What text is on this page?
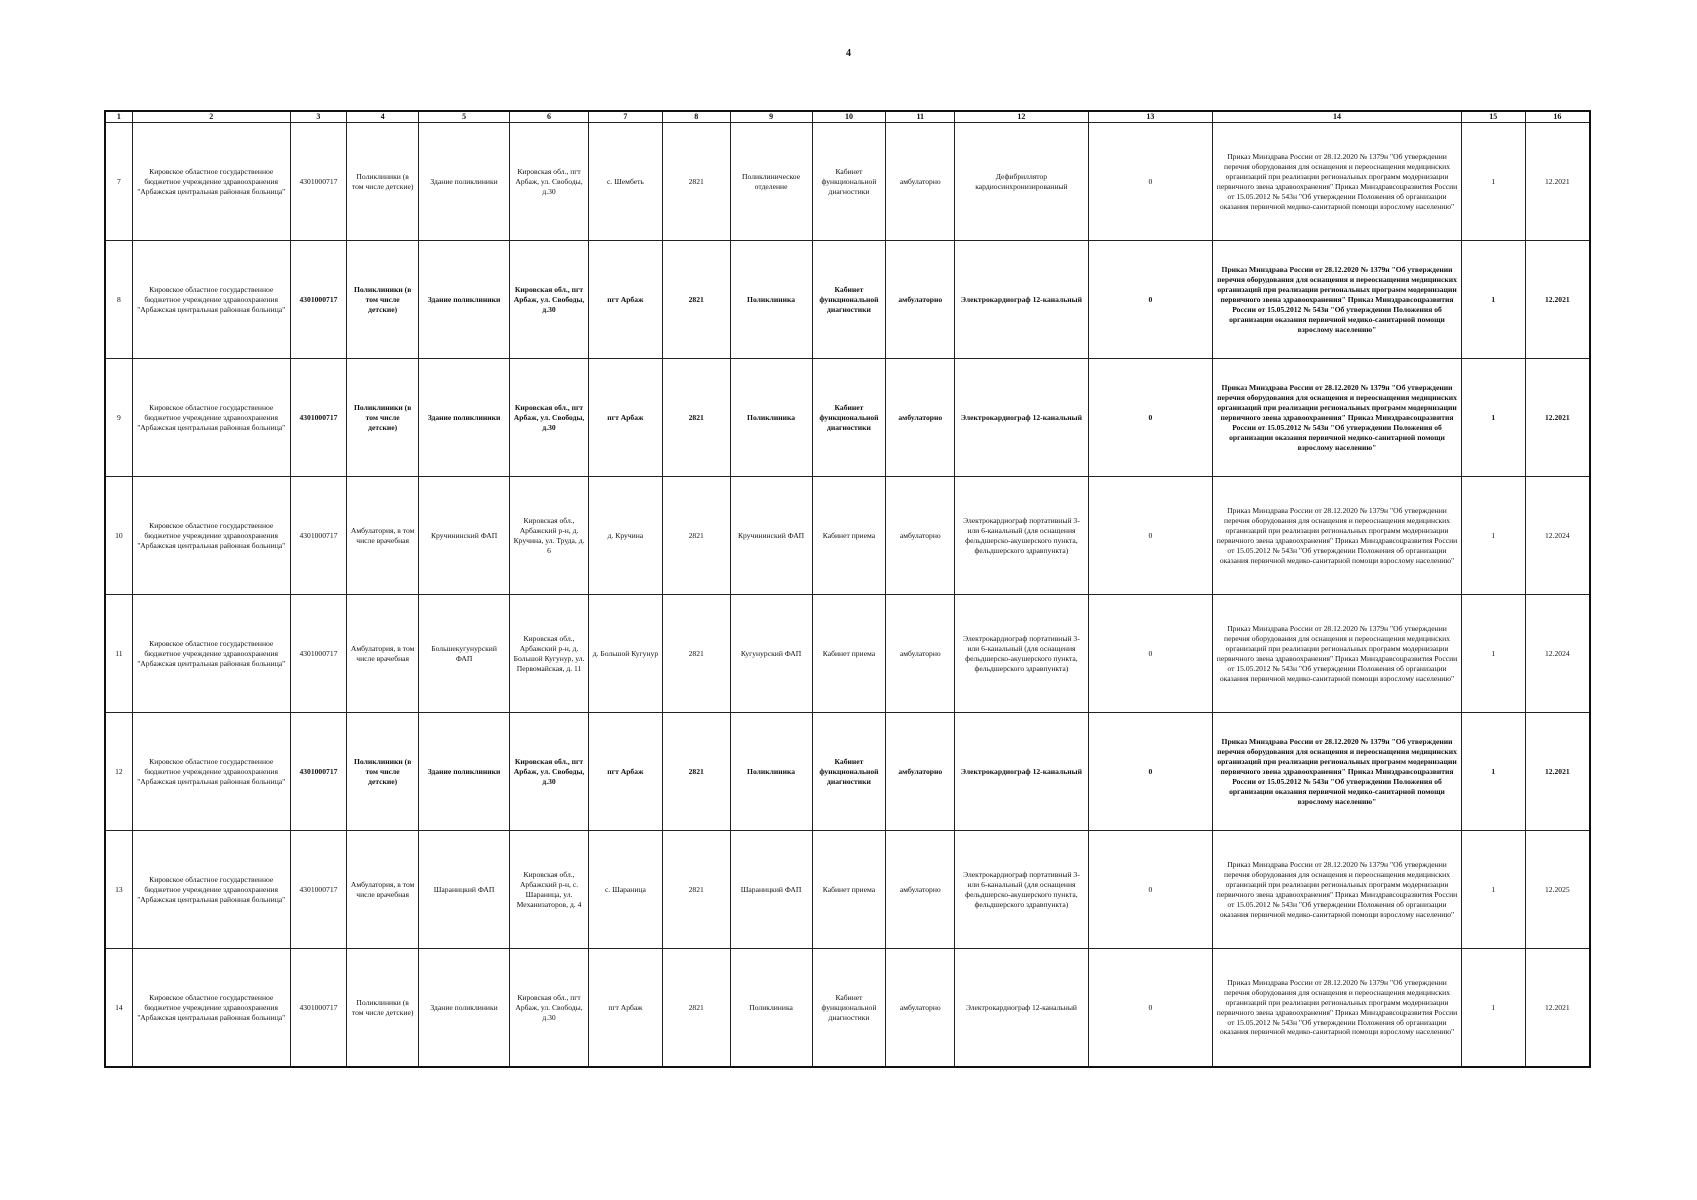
4
1	2	3	4	5	6	7	8	9	10	11	12	13	14	15	16
7	Кировское областное государственное бюджетное учреждение здравоохранения "Арбажская центральная районная больница"	4301000717	Поликлиники (в том числе детские)	Здание поликлиники	Кировская обл., пгт Арбаж, ул. Свободы, д.30	с. Шембеть	2821	Поликлиническое отделение	Кабинет функциональной диагностики	амбулаторно	Дефибриллятор кардиосинхронизированный	0	Приказ Минздрава России от 28.12.2020 № 1379н "Об утверждении перечня оборудования для оснащения и переоснащения медицинских организаций при реализации региональных программ модернизации первичного звена здравоохранения" Приказ Минздравсоцразвития России от 15.05.2012 № 543н "Об утверждении Положения об организации оказания первичной медико-санитарной помощи взрослому населению"	1	12.2021
8	Кировское областное государственное бюджетное учреждение здравоохранения "Арбажская центральная районная больница"	4301000717	Поликлиники (в том числе детские)	Здание поликлиники	Кировская обл., пгт Арбаж, ул. Свободы, д.30	пгт Арбаж	2821	Поликлиника	Кабинет функциональной диагностики	амбулаторно	Электрокардиограф 12-канальный	0	Приказ Минздрава России от 28.12.2020 № 1379н "Об утверждении перечня оборудования для оснащения и переоснащения медицинских организаций при реализации региональных программ модернизации первичного звена здравоохранения" Приказ Минздравсоцразвития России от 15.05.2012 № 543н "Об утверждении Положения об организации оказания первичной медико-санитарной помощи взрослому населению"	1	12.2021
9	Кировское областное государственное бюджетное учреждение здравоохранения "Арбажская центральная районная больница"	4301000717	Поликлиники (в том числе детские)	Здание поликлиники	Кировская обл., пгт Арбаж, ул. Свободы, д.30	пгт Арбаж	2821	Поликлиника	Кабинет функциональной диагностики	амбулаторно	Электрокардиограф 12-канальный	0	Приказ Минздрава России от 28.12.2020 № 1379н "Об утверждении перечня оборудования для оснащения и переоснащения медицинских организаций при реализации региональных программ модернизации первичного звена здравоохранения" Приказ Минздравсоцразвития России от 15.05.2012 № 543н "Об утверждении Положения об организации оказания первичной медико-санитарной помощи взрослому населению"	1	12.2021
10	Кировское областное государственное бюджетное учреждение здравоохранения "Арбажская центральная районная больница"	4301000717	Амбулатория, в том числе врачебная	Кручининский ФАП	Кировская обл., Арбажский р-н, д. Кручина, ул. Труда, д. 6	д. Кручина	2821	Кручининский ФАП	Кабинет приема	амбулаторно	Электрокардиограф портативный 3- или 6-канальный (для оснащения фельдшерско-акушерского пункта, фельдшерского здравпункта)	0	Приказ Минздрава России от 28.12.2020 № 1379н "Об утверждении перечня оборудования для оснащения и переоснащения медицинских организаций при реализации региональных программ модернизации первичного звена здравоохранения" Приказ Минздравсоцразвития России от 15.05.2012 № 543н "Об утверждении Положения об организации оказания первичной медико-санитарной помощи взрослому населению"	1	12.2024
11	Кировское областное государственное бюджетное учреждение здравоохранения "Арбажская центральная районная больница"	4301000717	Амбулатория, в том числе врачебная	Большекугунурский ФАП	Кировская обл., Арбажский р-н, д. Большой Кугунур, ул. Первомайская, д. 11	д. Большой Кугунур	2821	Кугунурский ФАП	Кабинет приема	амбулаторно	Электрокардиограф портативный 3- или 6-канальный (для оснащения фельдшерско-акушерского пункта, фельдшерского здравпункта)	0	Приказ Минздрава России от 28.12.2020 № 1379н "Об утверждении перечня оборудования для оснащения и переоснащения медицинских организаций при реализации региональных программ модернизации первичного звена здравоохранения" Приказ Минздравсоцразвития России от 15.05.2012 № 543н "Об утверждении Положения об организации оказания первичной медико-санитарной помощи взрослому населению"	1	12.2024
12	Кировское областное государственное бюджетное учреждение здравоохранения "Арбажская центральная районная больница"	4301000717	Поликлиники (в том числе детские)	Здание поликлиники	Кировская обл., пгт Арбаж, ул. Свободы, д.30	пгт Арбаж	2821	Поликлиника	Кабинет функциональной диагностики	амбулаторно	Электрокардиограф 12-канальный	0	Приказ Минздрава России от 28.12.2020 № 1379н "Об утверждении перечня оборудования для оснащения и переоснащения медицинских организаций при реализации региональных программ модернизации первичного звена здравоохранения" Приказ Минздравсоцразвития России от 15.05.2012 № 543н "Об утверждении Положения об организации оказания первичной медико-санитарной помощи взрослому населению"	1	12.2021
13	Кировское областное государственное бюджетное учреждение здравоохранения "Арбажская центральная районная больница"	4301000717	Амбулатория, в том числе врачебная	Шараницкий ФАП	Кировская обл., Арбажский р-н, с. Шараница, ул. Механизаторов, д. 4	с. Шараница	2821	Шараницкий ФАП	Кабинет приема	амбулаторно	Электрокардиограф портативный 3- или 6-канальный (для оснащения фельдшерско-акушерского пункта, фельдшерского здравпункта)	0	Приказ Минздрава России от 28.12.2020 № 1379н "Об утверждении перечня оборудования для оснащения и переоснащения медицинских организаций при реализации региональных программ модернизации первичного звена здравоохранения" Приказ Минздравсоцразвития России от 15.05.2012 № 543н "Об утверждении Положения об организации оказания первичной медико-санитарной помощи взрослому населению"	1	12.2025
14	Кировское областное государственное бюджетное учреждение здравоохранения "Арбажская центральная районная больница"	4301000717	Поликлиники (в том числе детские)	Здание поликлиники	Кировская обл., пгт Арбаж, ул. Свободы, д.30	пгт Арбаж	2821	Поликлиника	Кабинет функциональной диагностики	амбулаторно	Электрокардиограф 12-канальный	0	Приказ Минздрава России от 28.12.2020 № 1379н "Об утверждении перечня оборудования для оснащения и переоснащения медицинских организаций при реализации региональных программ модернизации первичного звена здравоохранения" Приказ Минздравсоцразвития России от 15.05.2012 № 543н "Об утверждении Положения об организации оказания первичной медико-санитарной помощи взрослому населению"	1	12.2021
